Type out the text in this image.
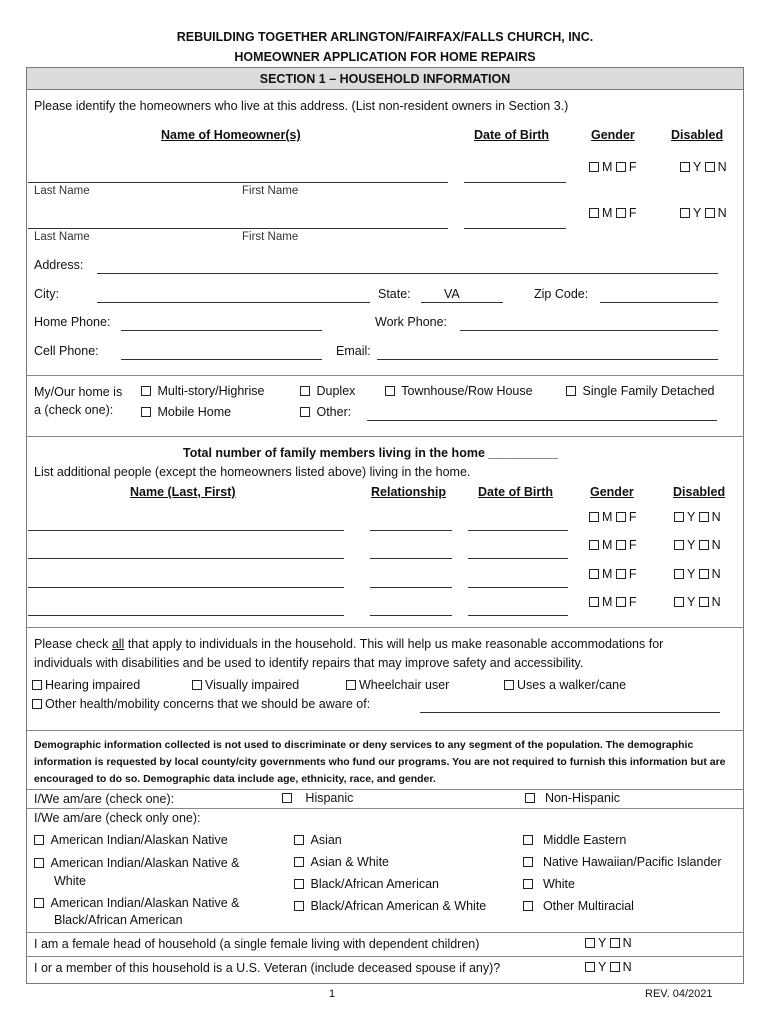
REBUILDING TOGETHER ARLINGTON/FAIRFAX/FALLS CHURCH, INC.
HOMEOWNER APPLICATION FOR HOME REPAIRS
SECTION 1 – HOUSEHOLD INFORMATION
Please identify the homeowners who live at this address. (List non-resident owners in Section 3.)
Name of Homeowner(s)	Date of Birth	Gender	Disabled
M F	Y N
Last Name	First Name
M F	Y N
Last Name	First Name
Address:
City:	State:	VA	Zip Code:
Home Phone:	Work Phone:
Cell Phone:	Email:
My/Our home is
a (check one):
Multi-story/Highrise	Duplex	Townhouse/Row House	Single Family Detached
Mobile Home	Other:
Total number of family members living in the home __________
List additional people (except the homeowners listed above) living in the home.
Name (Last, First)	Relationship	Date of Birth	Gender	Disabled
M F	Y N
M F	Y N
M F	Y N
M F	Y N
Please check all that apply to individuals in the household. This will help us make reasonable accommodations for
individuals with disabilities and be used to identify repairs that may improve safety and accessibility.
Hearing impaired	Visually impaired	Wheelchair user	Uses a walker/cane
Other health/mobility concerns that we should be aware of:
Demographic information collected is not used to discriminate or deny services to any segment of the population. The demographic information is requested by local county/city governments who fund our programs. You are not required to furnish this information but are encouraged to do so. Demographic data include age, ethnicity, race, and gender.
I/We am/are (check one):	Hispanic	Non-Hispanic
I/We am/are (check only one):
American Indian/Alaskan Native
American Indian/Alaskan Native &
White
American Indian/Alaskan Native &
Black/African American
Asian
Asian & White
Black/African American
Black/African American & White
Middle Eastern
Native Hawaiian/Pacific Islander
White
Other Multiracial
I am a female head of household (a single female living with dependent children)	Y N
I or a member of this household is a U.S. Veteran (include deceased spouse if any)?	Y N
1	REV. 04/2021
